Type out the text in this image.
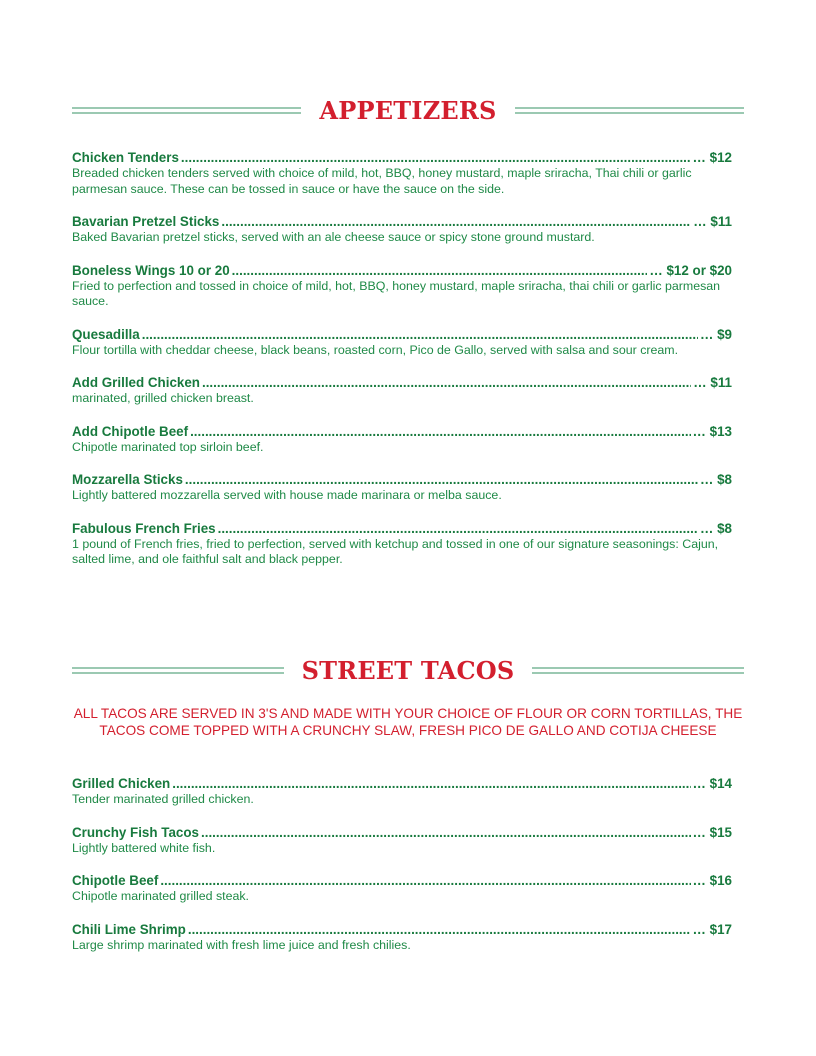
APPETIZERS
Chicken Tenders .....	… $12
Breaded chicken tenders served with choice of mild, hot, BBQ, honey mustard, maple sriracha, Thai chili or garlic parmesan sauce. These can be tossed in sauce or have the sauce on the side.
Bavarian Pretzel Sticks .....	… $11
Baked Bavarian pretzel sticks, served with an ale cheese sauce or spicy stone ground mustard.
Boneless Wings 10 or 20 .....	… $12 or $20
Fried to perfection and tossed in choice of mild, hot, BBQ, honey mustard, maple sriracha, thai chili or garlic parmesan sauce.
Quesadilla .....	… $9
Flour tortilla with cheddar cheese, black beans, roasted corn, Pico de Gallo, served with salsa and sour cream.
Add Grilled Chicken .....	… $11
marinated, grilled chicken breast.
Add Chipotle Beef .....	… $13
Chipotle marinated top sirloin beef.
Mozzarella Sticks .....	… $8
Lightly battered mozzarella served with house made marinara or melba sauce.
Fabulous French Fries .....	… $8
1 pound of French fries, fried to perfection, served with ketchup and tossed in one of our signature seasonings: Cajun, salted lime, and ole faithful salt and black pepper.
STREET TACOS
ALL TACOS ARE SERVED IN 3'S AND MADE WITH YOUR CHOICE OF FLOUR OR CORN TORTILLAS, THE TACOS COME TOPPED WITH A CRUNCHY SLAW, FRESH PICO DE GALLO AND COTIJA CHEESE
Grilled Chicken .....	… $14
Tender marinated grilled chicken.
Crunchy Fish Tacos .....	… $15
Lightly battered white fish.
Chipotle Beef .....	… $16
Chipotle marinated grilled steak.
Chili Lime Shrimp .....	… $17
Large shrimp marinated with fresh lime juice and fresh chilies.
